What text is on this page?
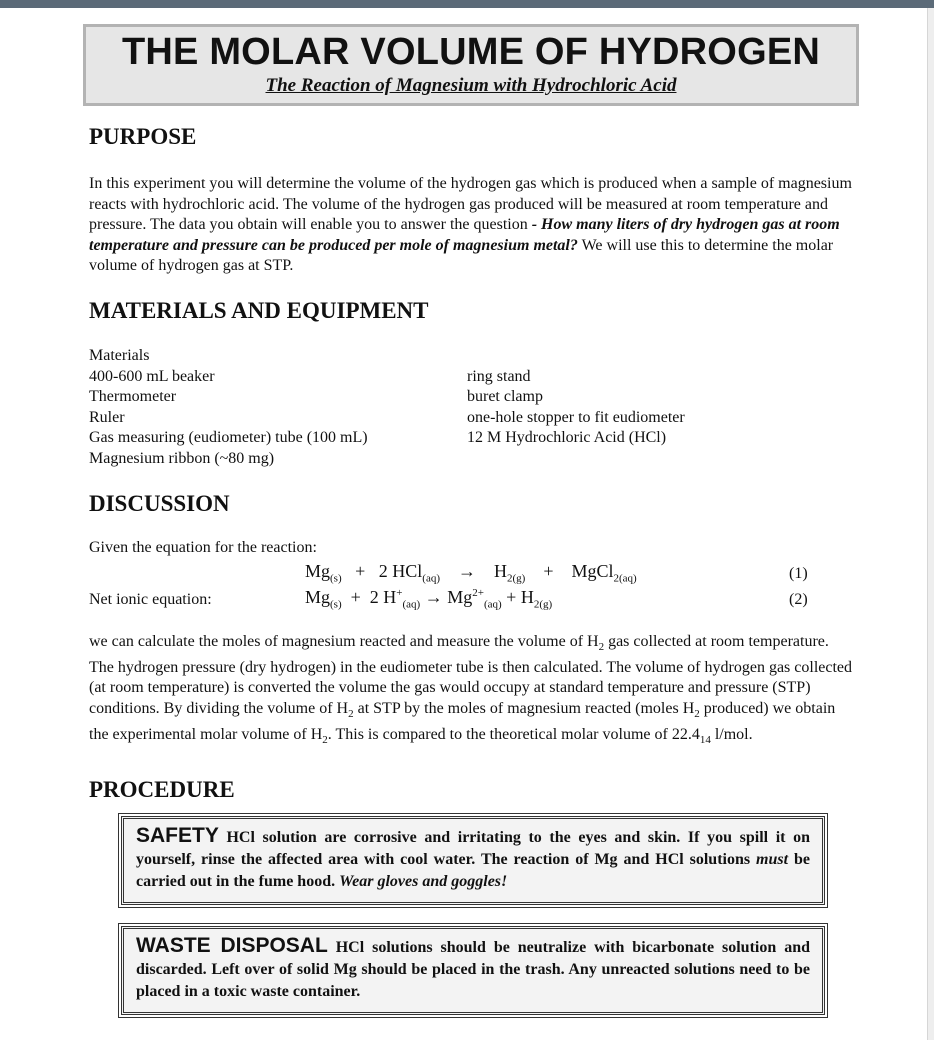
THE MOLAR VOLUME OF HYDROGEN
The Reaction of Magnesium with Hydrochloric Acid
PURPOSE
In this experiment you will determine the volume of the hydrogen gas which is produced when a sample of magnesium reacts with hydrochloric acid. The volume of the hydrogen gas produced will be measured at room temperature and pressure. The data you obtain will enable you to answer the question - How many liters of dry hydrogen gas at room temperature and pressure can be produced per mole of magnesium metal? We will use this to determine the molar volume of hydrogen gas at STP.
MATERIALS AND EQUIPMENT
Materials
400-600 mL beaker
Thermometer
Ruler
Gas measuring (eudiometer) tube (100 mL)
Magnesium ribbon (~80 mg)
ring stand
buret clamp
one-hole stopper to fit eudiometer
12 M Hydrochloric Acid (HCl)
DISCUSSION
Given the equation for the reaction:
$Mg_{(s)} + 2$ $HCl_{(aq)} \to H_{2(g)}$ + MgCl$_{2(aq)}$	(1)
Net ionic equation:	$Mg_{(s)} + 2$ $H^+_{(aq)} \to Mg^{2+}_{(aq)} + H_{2(g)}$	(2)
we can calculate the moles of magnesium reacted and measure the volume of $H_2$ gas collected at room temperature. The hydrogen pressure (dry hydrogen) in the eudiometer tube is then calculated. The volume of hydrogen gas collected (at room temperature) is converted the volume the gas would occupy at standard temperature and pressure (STP) conditions. By dividing the volume of $H_2$ at STP by the moles of magnesium reacted (moles $H_2$ produced) we obtain the experimental molar volume of $H_2$. This is compared to the theoretical molar volume of $22.4_{14}$ l/mol.
PROCEDURE
SAFETY HCl solution are corrosive and irritating to the eyes and skin. If you spill it on yourself, rinse the affected area with cool water. The reaction of Mg and HCl solutions must be carried out in the fume hood. Wear gloves and goggles!
WASTE DISPOSAL HCl solutions should be neutralize with bicarbonate solution and discarded. Left over of solid Mg should be placed in the trash. Any unreacted solutions need to be placed in a toxic waste container.
